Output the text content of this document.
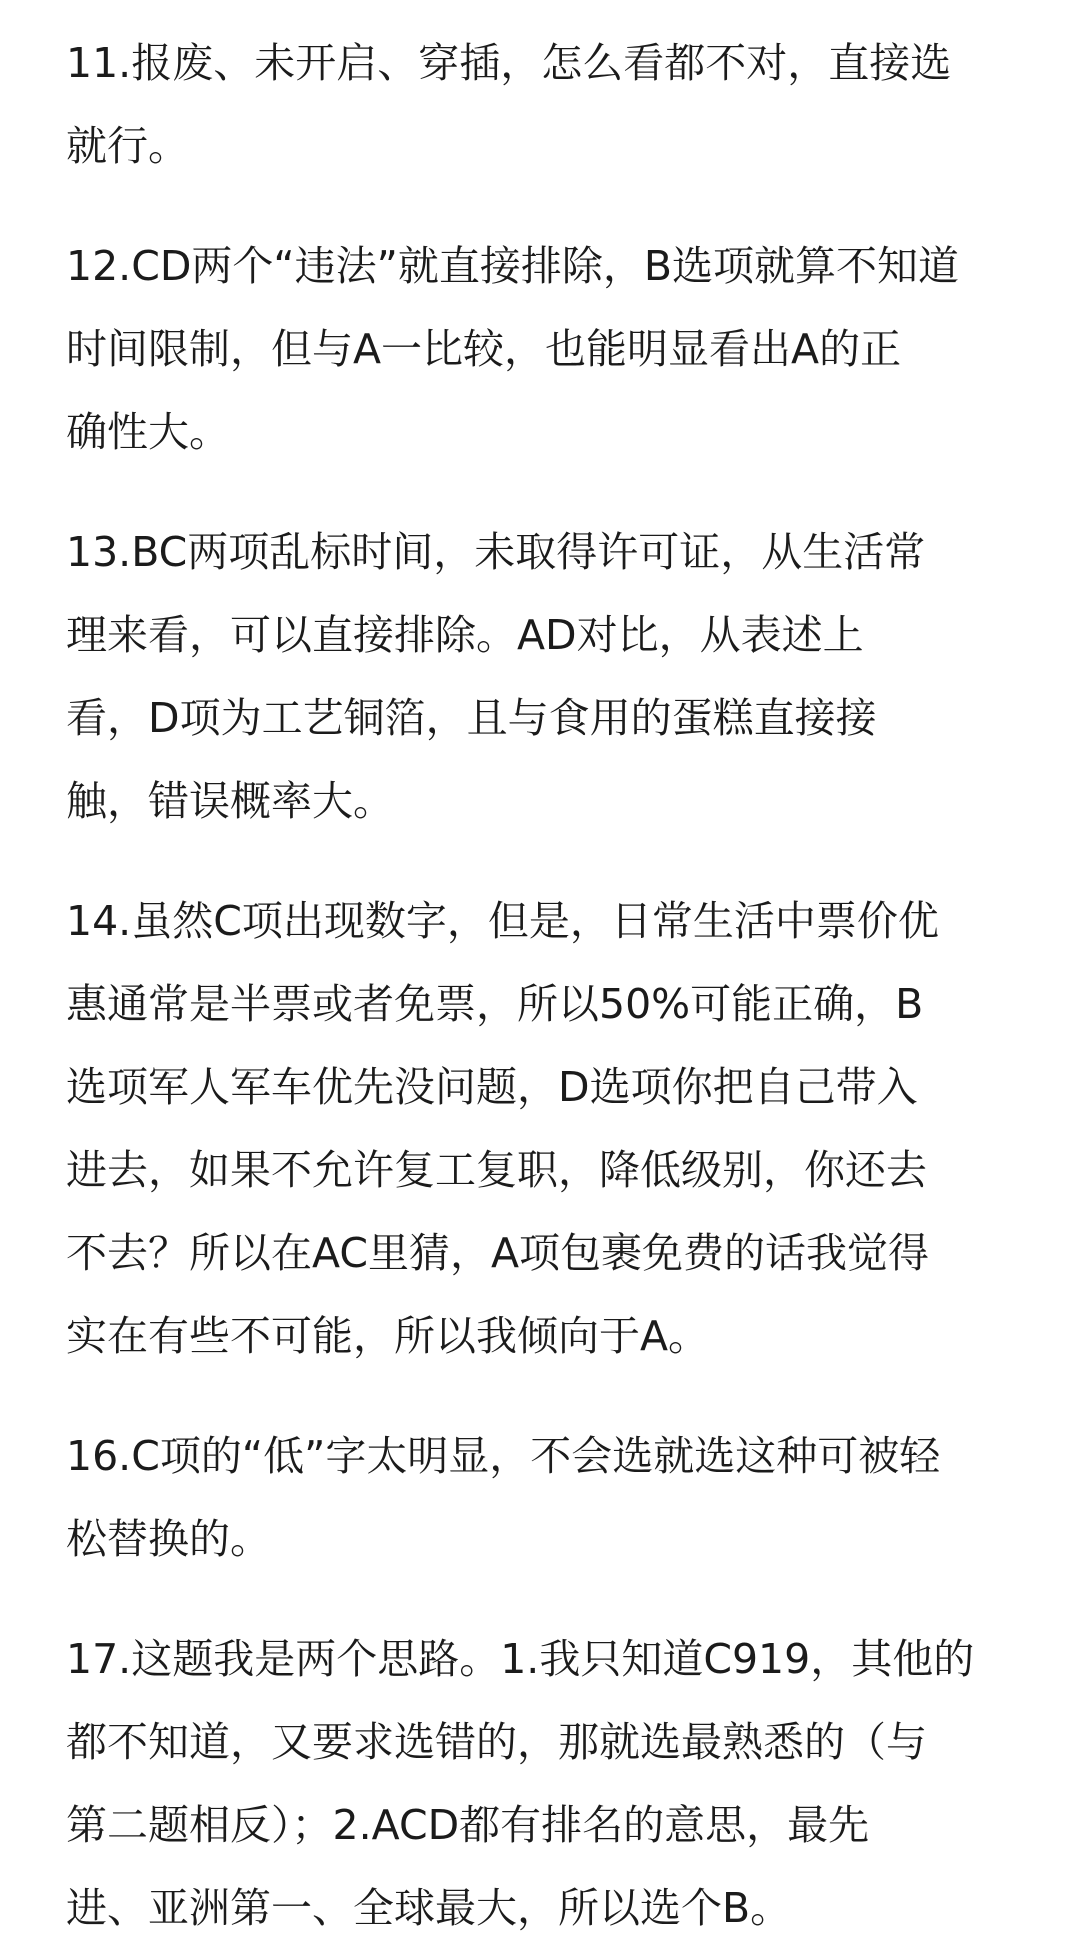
11.报废、未开启、穿插，怎么看都不对，直接选
就行。

12.CD两个“违法”就直接排除，B选项就算不知道
时间限制，但与A一比较，也能明显看出A的正
确性大。

13.BC两项乱标时间，未取得许可证，从生活常
理来看，可以直接排除。AD对比，从表述上
看，D项为工艺铜箔，且与食用的蛋糕直接接
触，错误概率大。

14.虽然C项出现数字，但是，日常生活中票价优
惠通常是半票或者免票，所以50%可能正确，B
选项军人军车优先没问题，D选项你把自己带入
进去，如果不允许复工复职，降低级别，你还去
不去？所以在AC里猜，A项包裹免费的话我觉得
实在有些不可能，所以我倾向于A。

16.C项的“低”字太明显，不会选就选这种可被轻
松替换的。

17.这题我是两个思路。1.我只知道C919，其他的
都不知道，又要求选错的，那就选最熟悉的（与
第二题相反）；2.ACD都有排名的意思，最先
进、亚洲第一、全球最大，所以选个B。
